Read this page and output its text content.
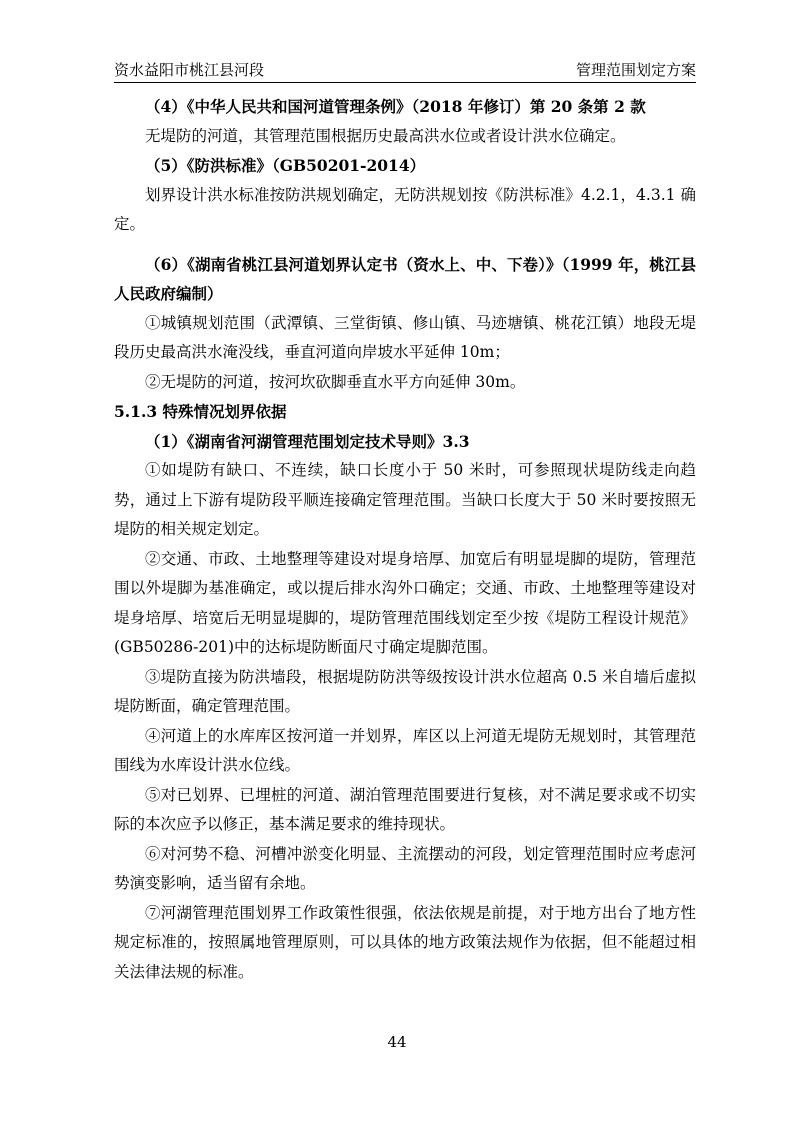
资水益阳市桃江县河段	管理范围划定方案

（4）《中华人民共和国河道管理条例》（2018 年修订）第 20 条第 2 款

无堤防的河道，其管理范围根据历史最高洪水位或者设计洪水位确定。

（5）《防洪标准》（GB50201-2014）

划界设计洪水标准按防洪规划确定，无防洪规划按《防洪标准》4.2.1，4.3.1 确定。

（6）《湖南省桃江县河道划界认定书（资水上、中、下卷）》（1999 年，桃江县人民政府编制）

①城镇规划范围（武潭镇、三堂街镇、修山镇、马迹塘镇、桃花江镇）地段无堤段历史最高洪水淹没线，垂直河道向岸坡水平延伸 10m；

②无堤防的河道，按河坎砍脚垂直水平方向延伸 30m。

5.1.3 特殊情况划界依据

（1）《湖南省河湖管理范围划定技术导则》3.3

①如堤防有缺口、不连续，缺口长度小于 50 米时，可参照现状堤防线走向趋势，通过上下游有堤防段平顺连接确定管理范围。当缺口长度大于 50 米时要按照无堤防的相关规定划定。

②交通、市政、土地整理等建设对堤身培厚、加宽后有明显堤脚的堤防，管理范围以外堤脚为基准确定，或以提后排水沟外口确定；交通、市政、土地整理等建设对堤身培厚、培宽后无明显堤脚的，堤防管理范围线划定至少按《堤防工程设计规范》(GB50286-201)中的达标堤防断面尺寸确定堤脚范围。

③堤防直接为防洪墙段，根据堤防防洪等级按设计洪水位超高 0.5 米自墙后虚拟堤防断面，确定管理范围。

④河道上的水库库区按河道一并划界，库区以上河道无堤防无规划时，其管理范围线为水库设计洪水位线。

⑤对已划界、已埋桩的河道、湖泊管理范围要进行复核，对不满足要求或不切实际的本次应予以修正，基本满足要求的维持现状。

⑥对河势不稳、河槽冲淤变化明显、主流摆动的河段，划定管理范围时应考虑河势演变影响，适当留有余地。

⑦河湖管理范围划界工作政策性很强，依法依规是前提，对于地方出台了地方性规定标准的，按照属地管理原则，可以具体的地方政策法规作为依据，但不能超过相关法律法规的标准。

44
